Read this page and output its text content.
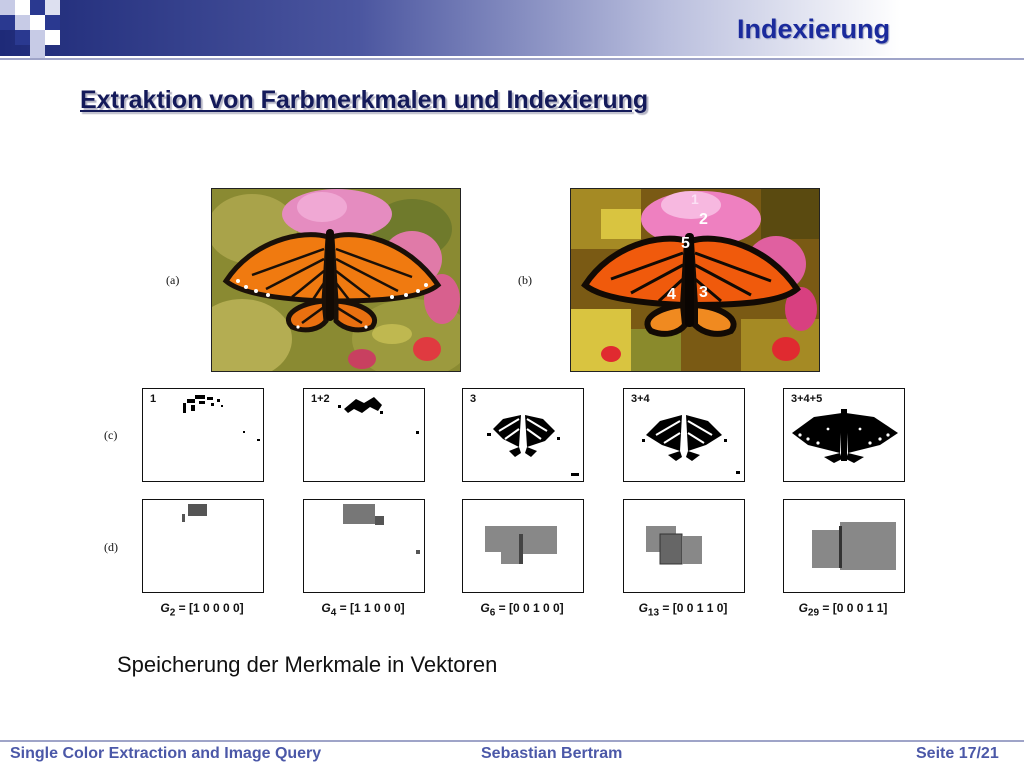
Indexierung
Extraktion von Farbmerkmalen und Indexierung
(a)	(b)
(c)
(d)
1
2
5
3
4
1	1+2	3	3+4	3+4+5
$G_2 = [1$ 0 0 0 0]	$G_4 = [1$ 1 0 0 0]	$G_6 = [0$ 0 1 0 0]	$G_{13} = [0$ 0 1 1 0]	$G_{29} = [0$ 0 0 1 1]
Speicherung der Merkmale in Vektoren
Single Color Extraction and Image Query	Sebastian Bertram	Seite 17/21
